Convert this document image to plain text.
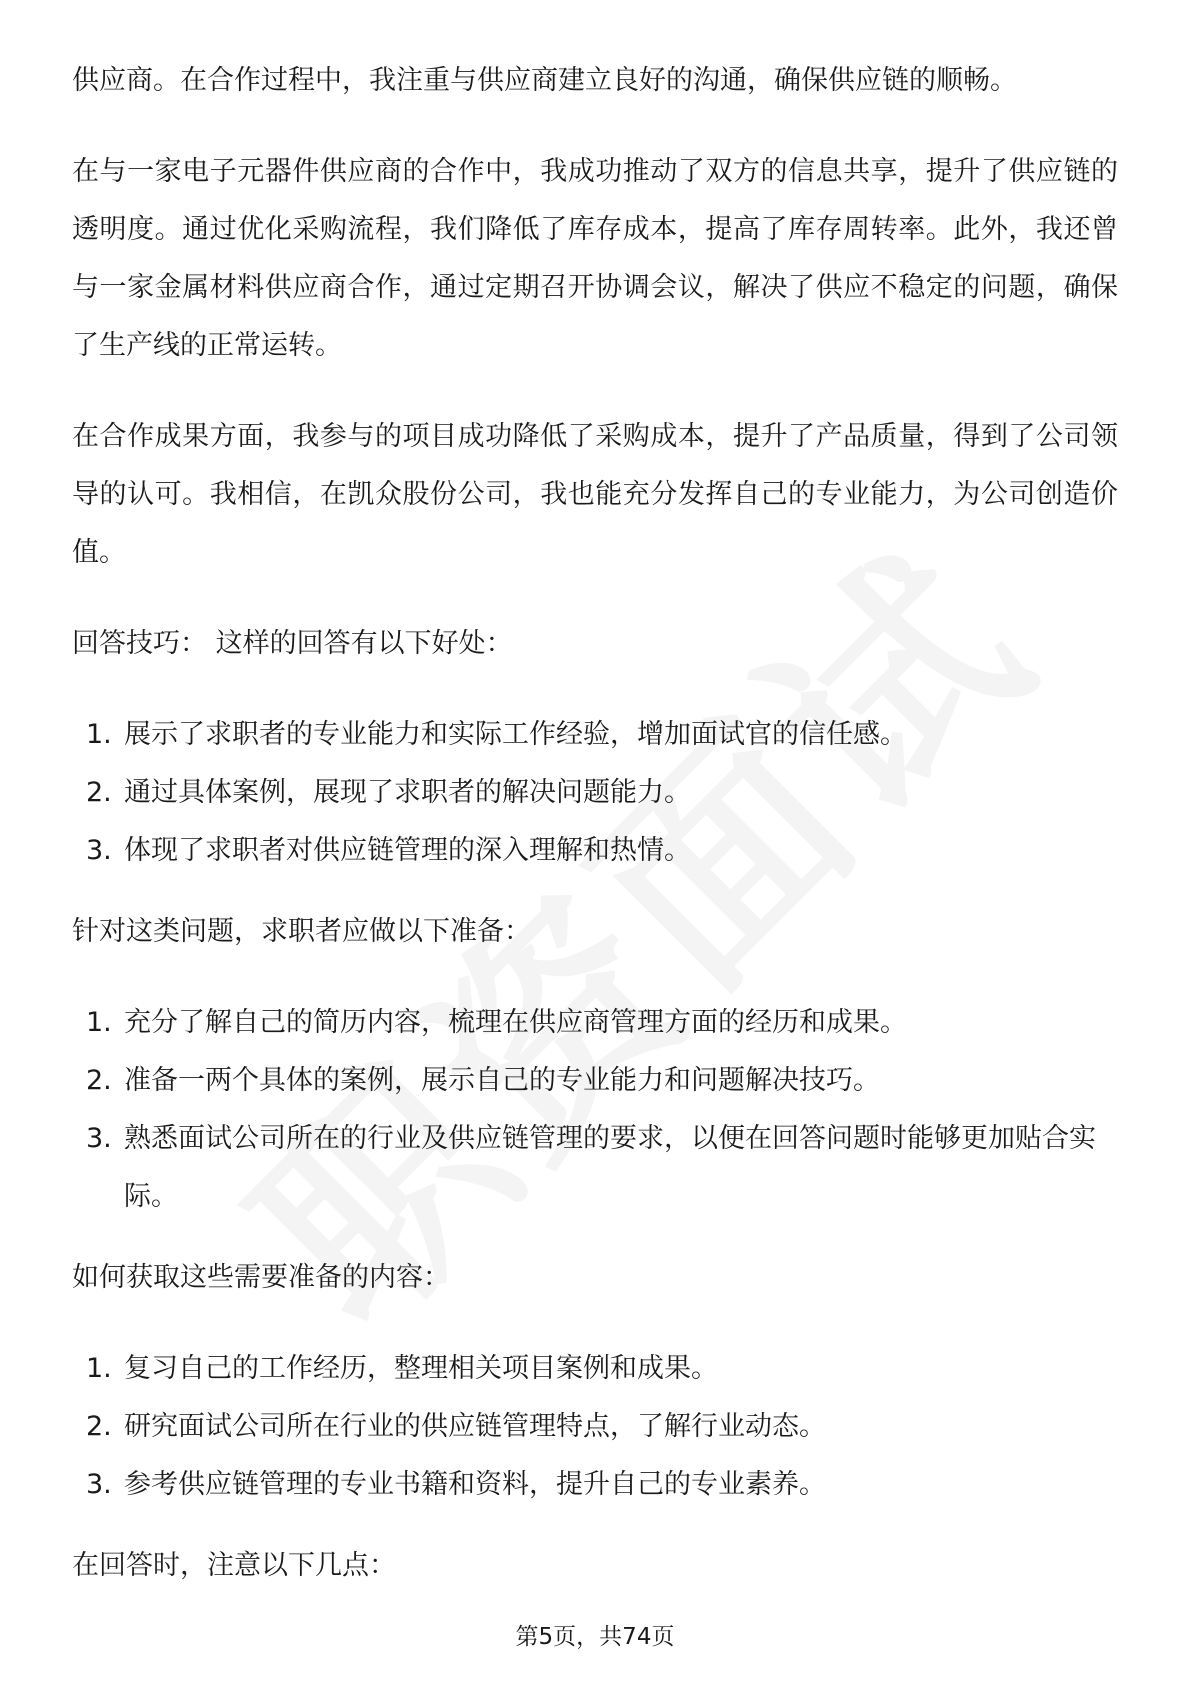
供应商。在合作过程中，我注重与供应商建立良好的沟通，确保供应链的顺畅。

在与一家电子元器件供应商的合作中，我成功推动了双方的信息共享，提升了供应链的透明度。通过优化采购流程，我们降低了库存成本，提高了库存周转率。此外，我还曾与一家金属材料供应商合作，通过定期召开协调会议，解决了供应不稳定的问题，确保了生产线的正常运转。

在合作成果方面，我参与的项目成功降低了采购成本，提升了产品质量，得到了公司领导的认可。我相信，在凯众股份公司，我也能充分发挥自己的专业能力，为公司创造价值。

回答技巧： 这样的回答有以下好处：

1. 展示了求职者的专业能力和实际工作经验，增加面试官的信任感。
2. 通过具体案例，展现了求职者的解决问题能力。
3. 体现了求职者对供应链管理的深入理解和热情。

针对这类问题，求职者应做以下准备：

1. 充分了解自己的简历内容，梳理在供应商管理方面的经历和成果。
2. 准备一两个具体的案例，展示自己的专业能力和问题解决技巧。
3. 熟悉面试公司所在的行业及供应链管理的要求，以便在回答问题时能够更加贴合实际。

如何获取这些需要准备的内容：

1. 复习自己的工作经历，整理相关项目案例和成果。
2. 研究面试公司所在行业的供应链管理特点，了解行业动态。
3. 参考供应链管理的专业书籍和资料，提升自己的专业素养。

在回答时，注意以下几点：

第5页，共74页
